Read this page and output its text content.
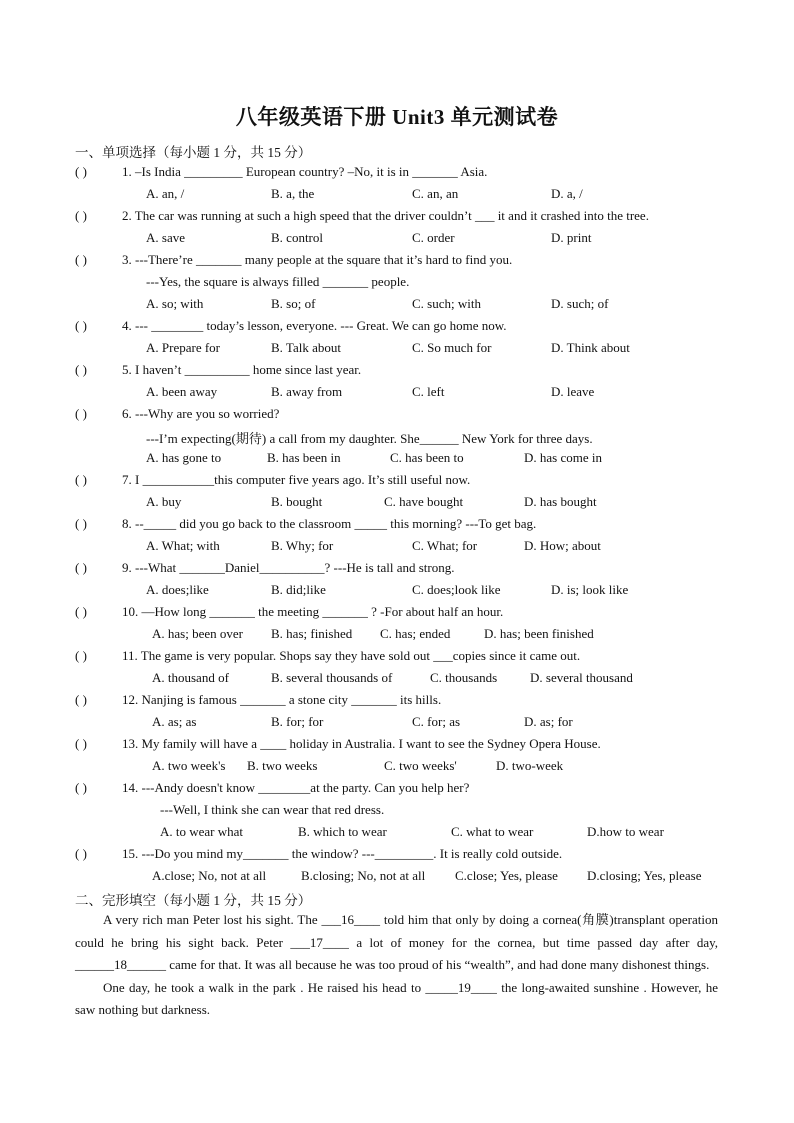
八年级英语下册 Unit3 单元测试卷
一、单项选择（每小题 1 分，共 15 分）
( )	1. –Is India _________ European country? –No, it is in _______ Asia.
A. an, /	B. a, the	C. an, an	D. a, /
( )	2. The car was running at such a high speed that the driver couldn’t ___ it and it crashed into the tree.
A. save	B. control	C. order	D. print
( )	3. ---There’re _______ many people at the square that it’s hard to find you.
---Yes, the square is always filled _______ people.
A. so; with	B. so; of	C. such; with	D. such; of
( )	4. --- ________ today’s lesson, everyone. --- Great. We can go home now.
A. Prepare for	B. Talk about	C. So much for	D. Think about
( )	5. I haven’t __________ home since last year.
A. been away	B. away from	C. left	D. leave
( )	6. ---Why are you so worried?
---I’m expecting(期待) a call from my daughter. She______ New York for three days.
A. has gone to	B. has been in	C. has been to	D. has come in
( )	7. I ___________this computer five years ago. It’s still useful now.
A. buy	B. bought	C. have bought	D. has bought
( )	8. --_____ did you go back to the classroom _____ this morning? ---To get bag.
A. What; with	B. Why; for	C. What; for	D. How; about
( )	9. ---What _______Daniel__________? ---He is tall and strong.
A. does;like	B. did;like	C. does;look like	D. is; look like
( )	10. —How long _______ the meeting _______ ? -For about half an hour.
A. has; been over B. has; finished C. has; ended	D. has; been finished
( )	11. The game is very popular. Shops say they have sold out ___copies since it came out.
A. thousand of	B. several thousands of	C. thousands	D. several thousand
( )	12. Nanjing is famous _______ a stone city _______ its hills.
A. as; as	B. for; for	C. for; as	D. as; for
( )	13. My family will have a ____ holiday in Australia. I want to see the Sydney Opera House.
A. two week's B. two weeks	C. two weeks'	D. two-week
( )	14. ---Andy doesn't know ________at the party. Can you help her?
---Well, I think she can wear that red dress.
A. to wear what	B. which to wear	C. what to wear	D.how to wear
( )	15. ---Do you mind my_______ the window? ---_________. It is really cold outside.
A.close; No, not at all	B.closing; No, not at all C.close; Yes, please D.closing; Yes, please
二、完形填空（每小题 1 分，共 15 分）

A very rich man Peter lost his sight. The ___16____ told him that only by doing a cornea(角膜)transplant operation could he bring his sight back. Peter ___17____ a lot of money for the cornea, but time passed day after day, ______18______ came for that. It was all because he was too proud of his “wealth”, and had done many dishonest things.

One day, he took a walk in the park . He raised his head to _____19____ the long-awaited sunshine . However, he saw nothing but darkness.
